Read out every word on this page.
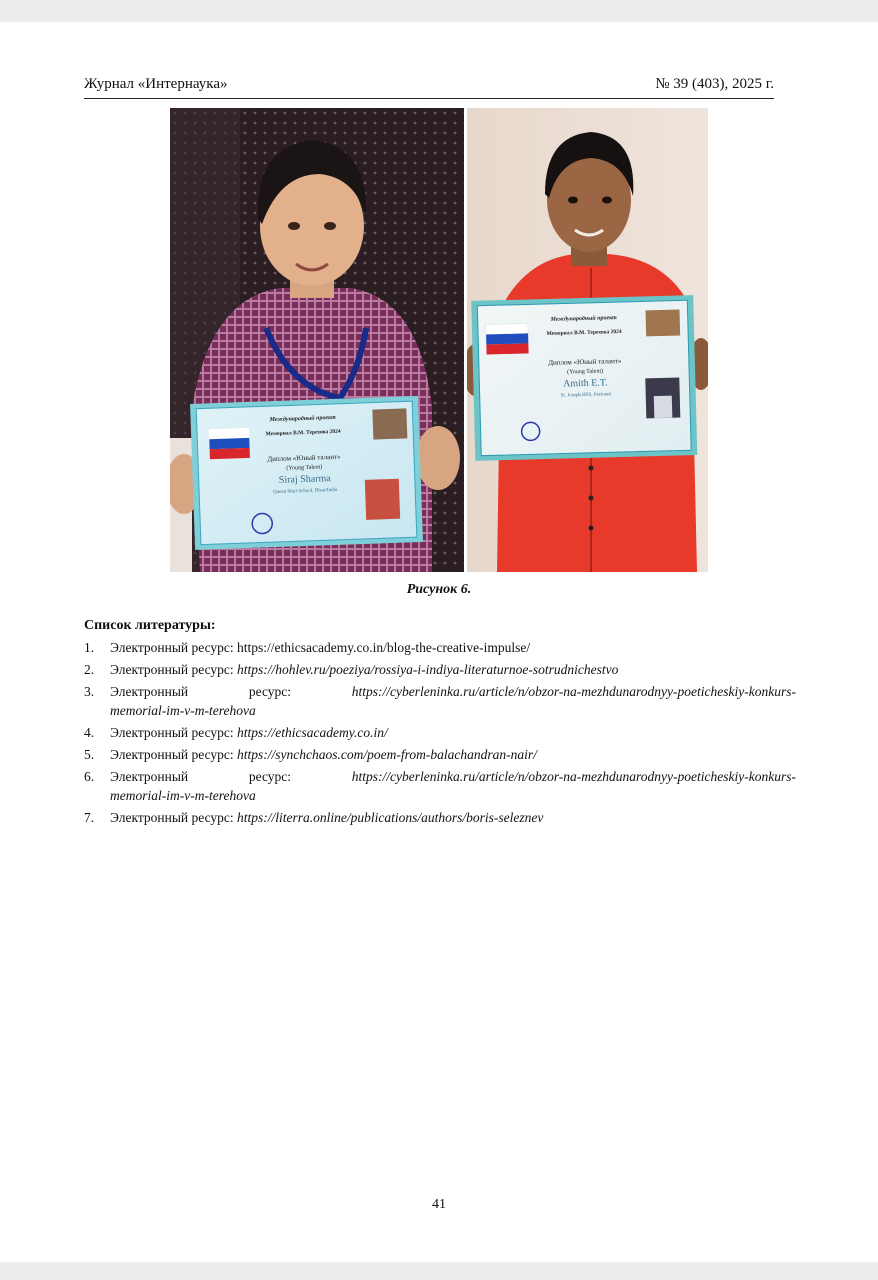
Журнал «Интернаука»	№ 39 (403), 2025 г.
Международный проект
Мемориал В.М. Терехова 2024
Диплом «Юный талант»
(Young Talent)
Siraj Sharma
Queen Mari School, Hisar/India
Международный проект
Мемориал В.М. Терехова 2024
Диплом «Юный талант»
(Young Talent)
Amith E.T.
St. Joseph HSS, Perrinad
Рисунок 6.
Список литературы:
1. Электронный ресурс: https://ethicsacademy.co.in/blog-the-creative-impulse/
2. Электронный ресурс: https://hohlev.ru/poeziya/rossiya-i-indiya-literaturnoe-sotrudnichestvo
3. Электронный	ресурс:	https://cyberleninka.ru/article/n/obzor-na-mezhdunarodnyy-poeticheskiy-konkurs-
memorial-im-v-m-terehova
4. Электронный ресурс: https://ethicsacademy.co.in/
5. Электронный ресурс: https://synchchaos.com/poem-from-balachandran-nair/
6. Электронный	ресурс:	https://cyberleninka.ru/article/n/obzor-na-mezhdunarodnyy-poeticheskiy-konkurs-
memorial-im-v-m-terehova
7. Электронный ресурс: https://literra.online/publications/authors/boris-seleznev
41
